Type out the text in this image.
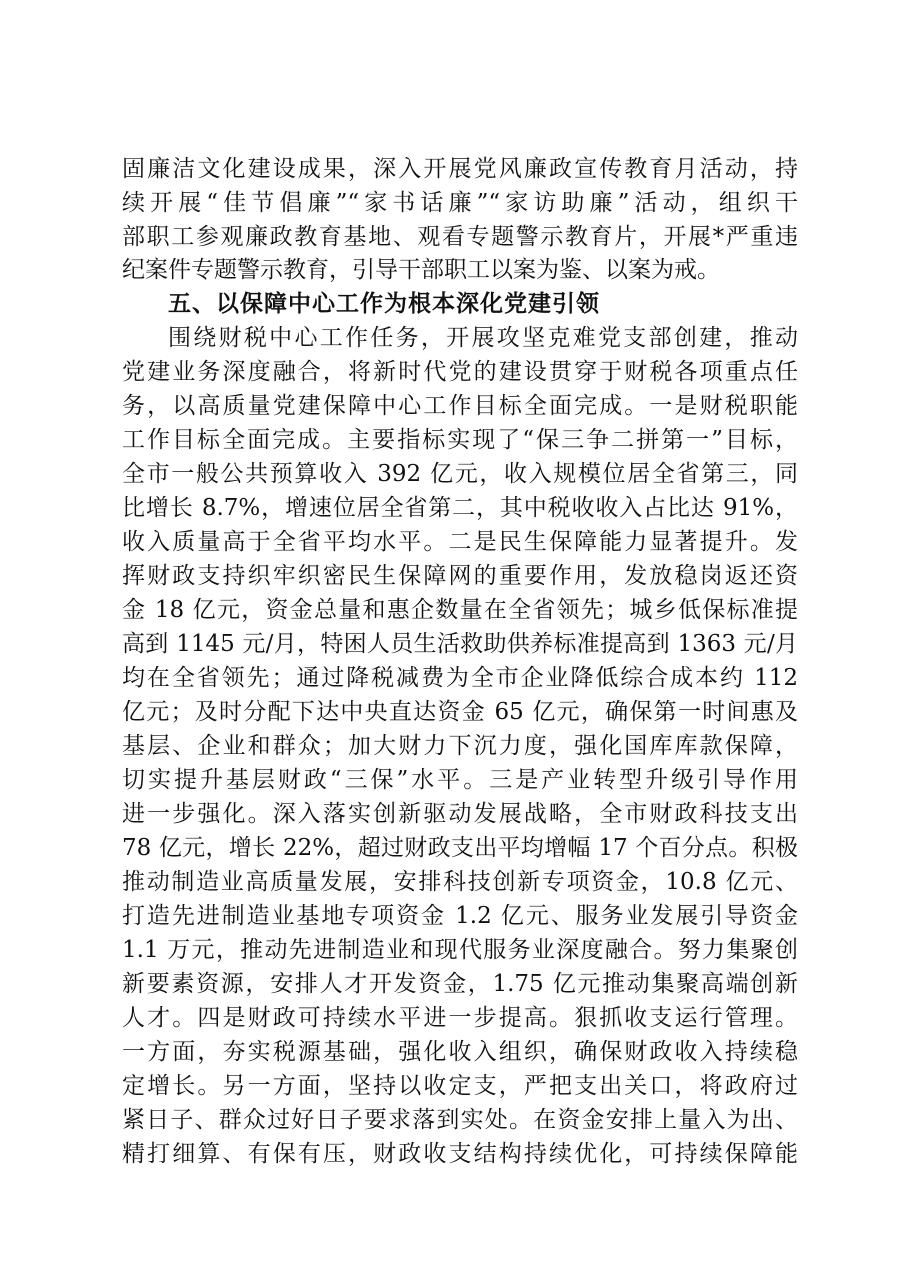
固廉洁文化建设成果，深入开展党风廉政宣传教育月活动，持
续开展“佳节倡廉”“家书话廉”“家访助廉”活动，组织干
部职工参观廉政教育基地、观看专题警示教育片，开展*严重违
纪案件专题警示教育，引导干部职工以案为鉴、以案为戒。
五、以保障中心工作为根本深化党建引领
围绕财税中心工作任务，开展攻坚克难党支部创建，推动
党建业务深度融合，将新时代党的建设贯穿于财税各项重点任
务，以高质量党建保障中心工作目标全面完成。一是财税职能
工作目标全面完成。主要指标实现了“保三争二拼第一”目标，
全市一般公共预算收入 392 亿元，收入规模位居全省第三，同
比增长 8.7%，增速位居全省第二，其中税收收入占比达 91%，
收入质量高于全省平均水平。二是民生保障能力显著提升。发
挥财政支持织牢织密民生保障网的重要作用，发放稳岗返还资
金 18 亿元，资金总量和惠企数量在全省领先；城乡低保标准提
高到 1145 元/月，特困人员生活救助供养标准提高到 1363 元/月
均在全省领先；通过降税减费为全市企业降低综合成本约 112
亿元；及时分配下达中央直达资金 65 亿元，确保第一时间惠及
基层、企业和群众；加大财力下沉力度，强化国库库款保障，
切实提升基层财政“三保”水平。三是产业转型升级引导作用
进一步强化。深入落实创新驱动发展战略，全市财政科技支出
78 亿元，增长 22%，超过财政支出平均增幅 17 个百分点。积极
推动制造业高质量发展，安排科技创新专项资金，10.8 亿元、
打造先进制造业基地专项资金 1.2 亿元、服务业发展引导资金
1.1 万元，推动先进制造业和现代服务业深度融合。努力集聚创
新要素资源，安排人才开发资金，1.75 亿元推动集聚高端创新
人才。四是财政可持续水平进一步提高。狠抓收支运行管理。
一方面，夯实税源基础，强化收入组织，确保财政收入持续稳
定增长。另一方面，坚持以收定支，严把支出关口，将政府过
紧日子、群众过好日子要求落到实处。在资金安排上量入为出、
精打细算、有保有压，财政收支结构持续优化，可持续保障能
